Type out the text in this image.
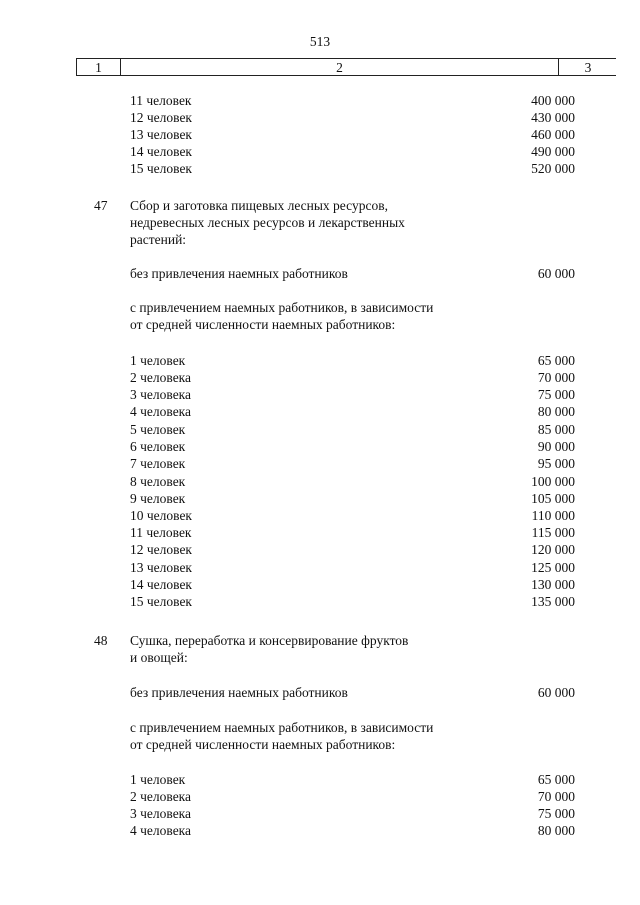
513
1	2	3
11 человек	400 000
12 человек	430 000
13 человек	460 000
14 человек	490 000
15 человек	520 000
47 Сбор и заготовка пищевых лесных ресурсов,
недревесных лесных ресурсов и лекарственных
растений:
без привлечения наемных работников	60 000
с привлечением наемных работников, в зависимости
от средней численности наемных работников:
1 человек	65 000
2 человека	70 000
3 человека	75 000
4 человека	80 000
5 человек	85 000
6 человек	90 000
7 человек	95 000
8 человек	100 000
9 человек	105 000
10 человек	110 000
11 человек	115 000
12 человек	120 000
13 человек	125 000
14 человек	130 000
15 человек	135 000
48 Сушка, переработка и консервирование фруктов
и овощей:
без привлечения наемных работников	60 000
с привлечением наемных работников, в зависимости
от средней численности наемных работников:
1 человек	65 000
2 человека	70 000
3 человека	75 000
4 человека	80 000
